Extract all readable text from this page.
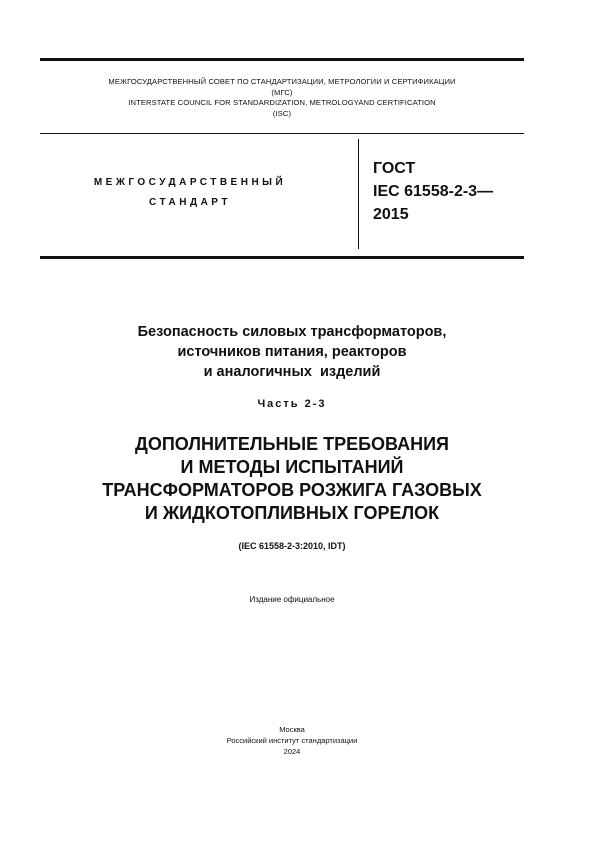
МЕЖГОСУДАРСТВЕННЫЙ СОВЕТ ПО СТАНДАРТИЗАЦИИ, МЕТРОЛОГИИ И СЕРТИФИКАЦИИ
(МГС)
INTERSTATE COUNCIL FOR STANDARDIZATION, METROLOGYAND CERTIFICATION
(ISC)
МЕЖГОСУДАРСТВЕННЫЙ
СТАНДАРТ
ГОСТ
IEC 61558-2-3—
2015
Безопасность силовых трансформаторов,
источников питания, реакторов
и аналогичных  изделий
Часть 2-3
ДОПОЛНИТЕЛЬНЫЕ ТРЕБОВАНИЯ
И МЕТОДЫ ИСПЫТАНИЙ
ТРАНСФОРМАТОРОВ РОЗЖИГА ГАЗОВЫХ
И ЖИДКОТОПЛИВНЫХ ГОРЕЛОК
(IEC 61558-2-3:2010, IDT)
Издание официальное
Москва
Российский институт стандартизации
2024
